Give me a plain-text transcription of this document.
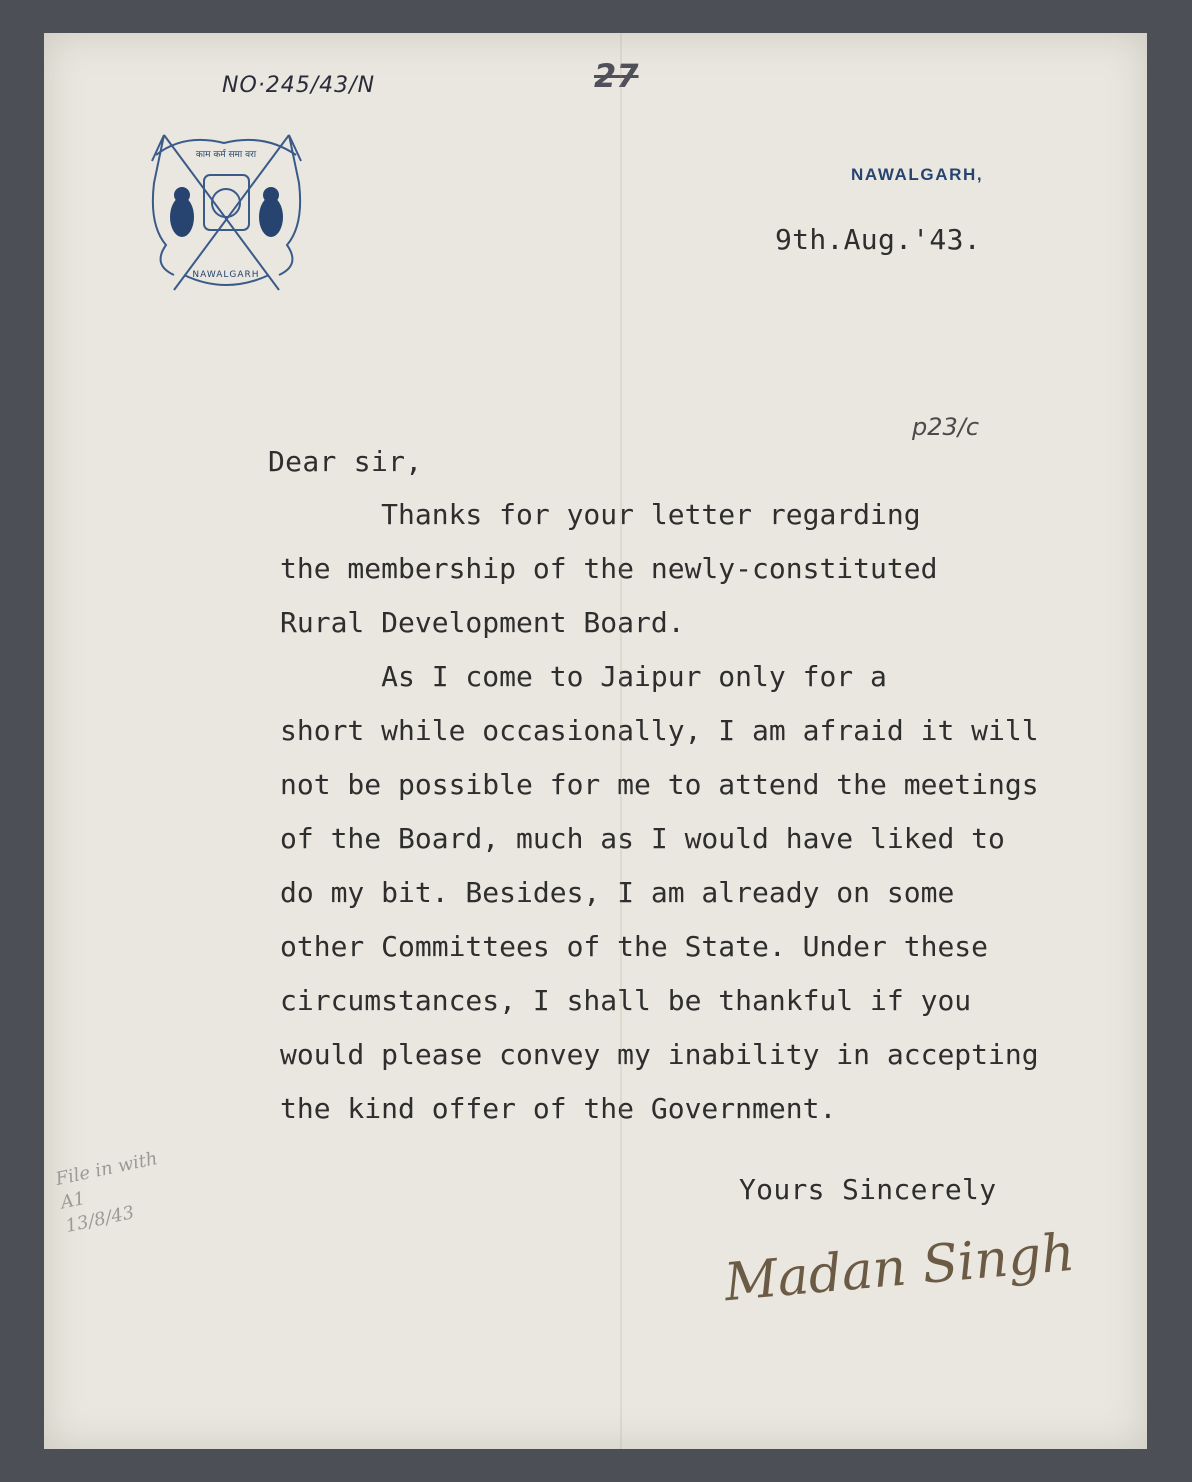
NO·245/43/N	27
काम कर्म समा वरा
NAWALGARH
NAWALGARH,
9th.Aug.'43.
p23/c
Dear sir,
Thanks for your letter regarding
the membership of the newly-constituted
Rural Development Board.
As I come to Jaipur only for a
short while occasionally, I am afraid it will
not be possible for me to attend the meetings
of the Board, much as I would have liked to
do my bit. Besides, I am already on some
other Committees of the State. Under these
circumstances, I shall be thankful if you
would please convey my inability in accepting
the kind offer of the Government.
Yours Sincerely
Madan Singh
File in with
A1
13/8/43
